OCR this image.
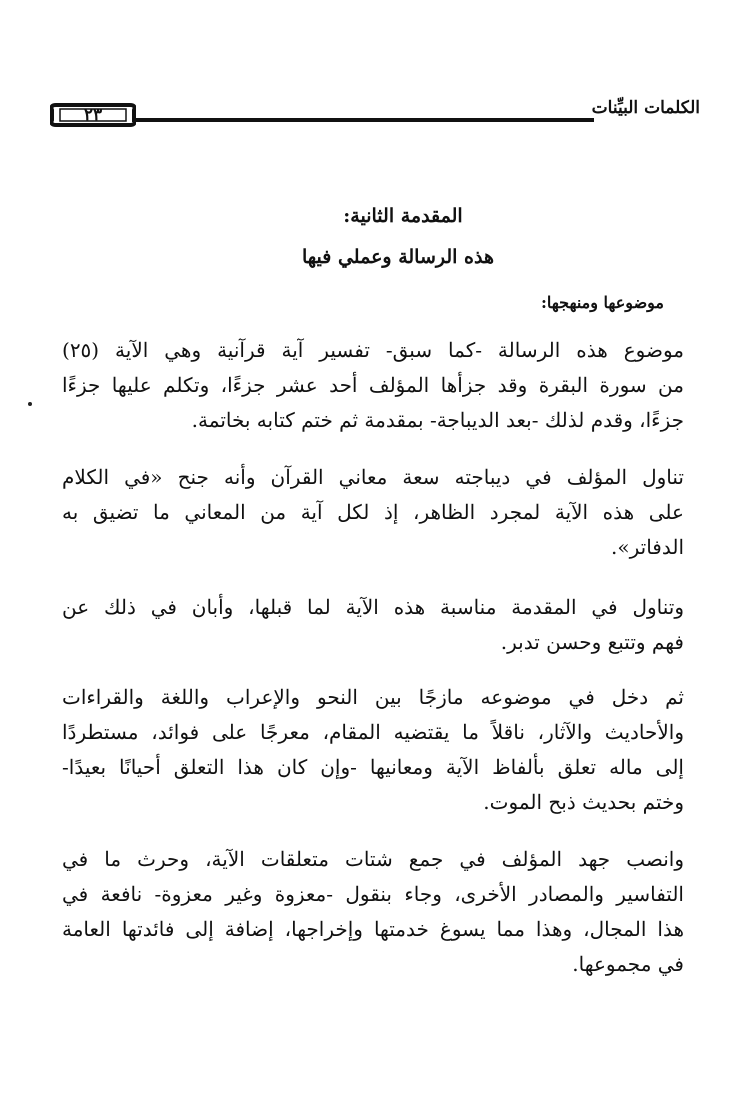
الكلمات البيِّنات
٢٣
المقدمة الثانية:
هذه الرسالة وعملي فيها
موضوعها ومنهجها:
موضوع هذه الرسالة -كما سبق- تفسير آية قرآنية وهي الآية (٢٥)
من سورة البقرة وقد جزأها المؤلف أحد عشر جزءًا، وتكلم عليها جزءًا
جزءًا، وقدم لذلك -بعد الديباجة- بمقدمة ثم ختم كتابه بخاتمة.
تناول المؤلف في ديباجته سعة معاني القرآن وأنه جنح «في الكلام
على هذه الآية لمجرد الظاهر، إذ لكل آية من المعاني ما تضيق به
الدفاتر».
وتناول في المقدمة مناسبة هذه الآية لما قبلها، وأبان في ذلك عن
فهم وتتبع وحسن تدبر.
ثم دخل في موضوعه مازجًا بين النحو والإعراب واللغة والقراءات
والأحاديث والآثار، ناقلاً ما يقتضيه المقام، معرجًا على فوائد، مستطردًا
إلى ماله تعلق بألفاظ الآية ومعانيها -وإن كان هذا التعلق أحيانًا بعيدًا-
وختم بحديث ذبح الموت.
وانصب جهد المؤلف في جمع شتات متعلقات الآية، وحرث ما في
التفاسير والمصادر الأخرى، وجاء بنقول -معزوة وغير معزوة- نافعة في
هذا المجال، وهذا مما يسوغ خدمتها وإخراجها، إضافة إلى فائدتها العامة
في مجموعها.
